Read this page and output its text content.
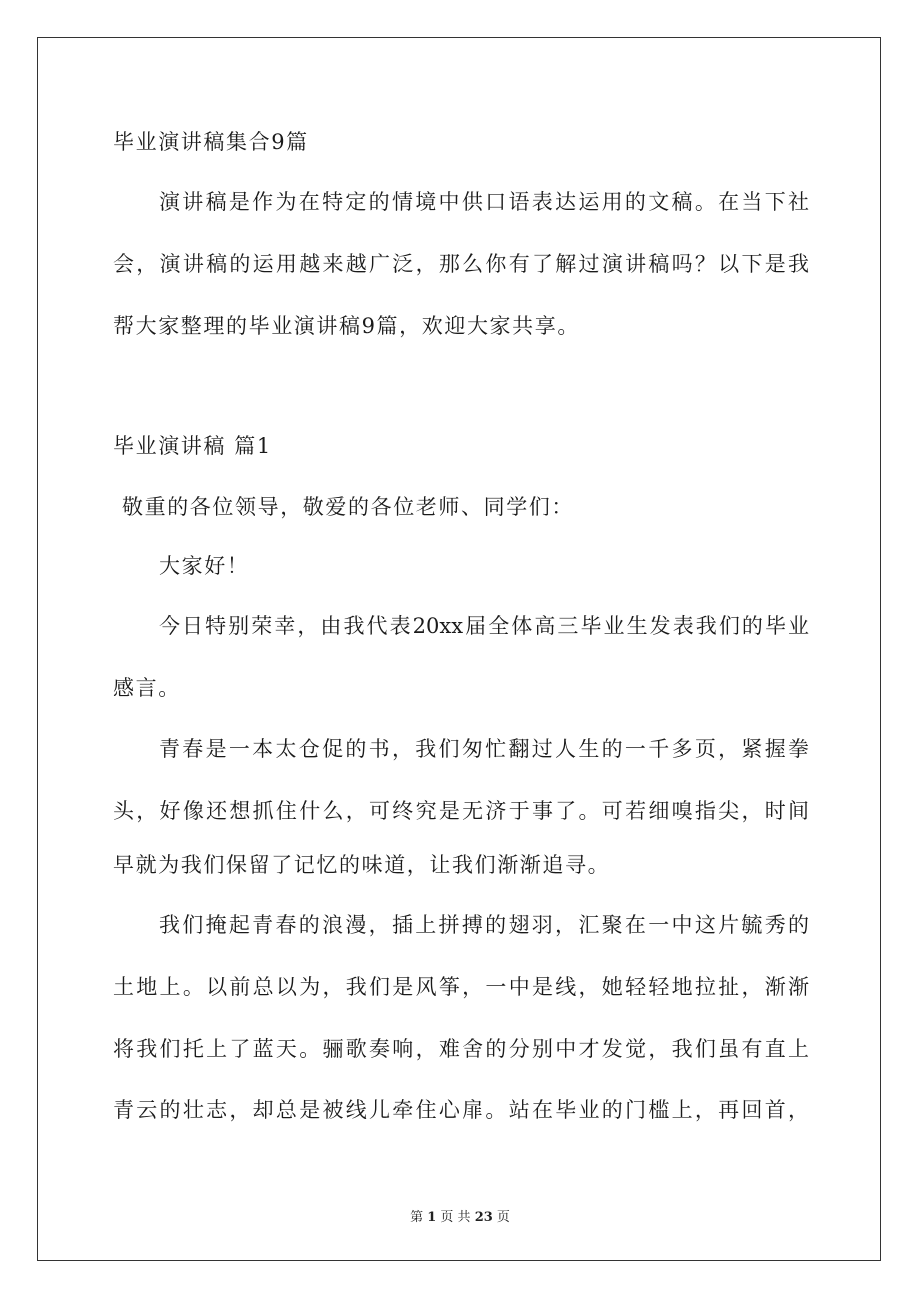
毕业演讲稿集合9篇
演讲稿是作为在特定的情境中供口语表达运用的文稿。在当下社
会，演讲稿的运用越来越广泛，那么你有了解过演讲稿吗？以下是我
帮大家整理的毕业演讲稿9篇，欢迎大家共享。
毕业演讲稿 篇1
敬重的各位领导，敬爱的各位老师、同学们：
大家好！
今日特别荣幸，由我代表20xx届全体高三毕业生发表我们的毕业
感言。
青春是一本太仓促的书，我们匆忙翻过人生的一千多页，紧握拳
头，好像还想抓住什么，可终究是无济于事了。可若细嗅指尖，时间
早就为我们保留了记忆的味道，让我们渐渐追寻。
我们掩起青春的浪漫，插上拼搏的翅羽，汇聚在一中这片毓秀的
土地上。以前总以为，我们是风筝，一中是线，她轻轻地拉扯，渐渐
将我们托上了蓝天。骊歌奏响，难舍的分别中才发觉，我们虽有直上
青云的壮志，却总是被线儿牵住心扉。站在毕业的门槛上，再回首，
第 1 页 共 23 页
